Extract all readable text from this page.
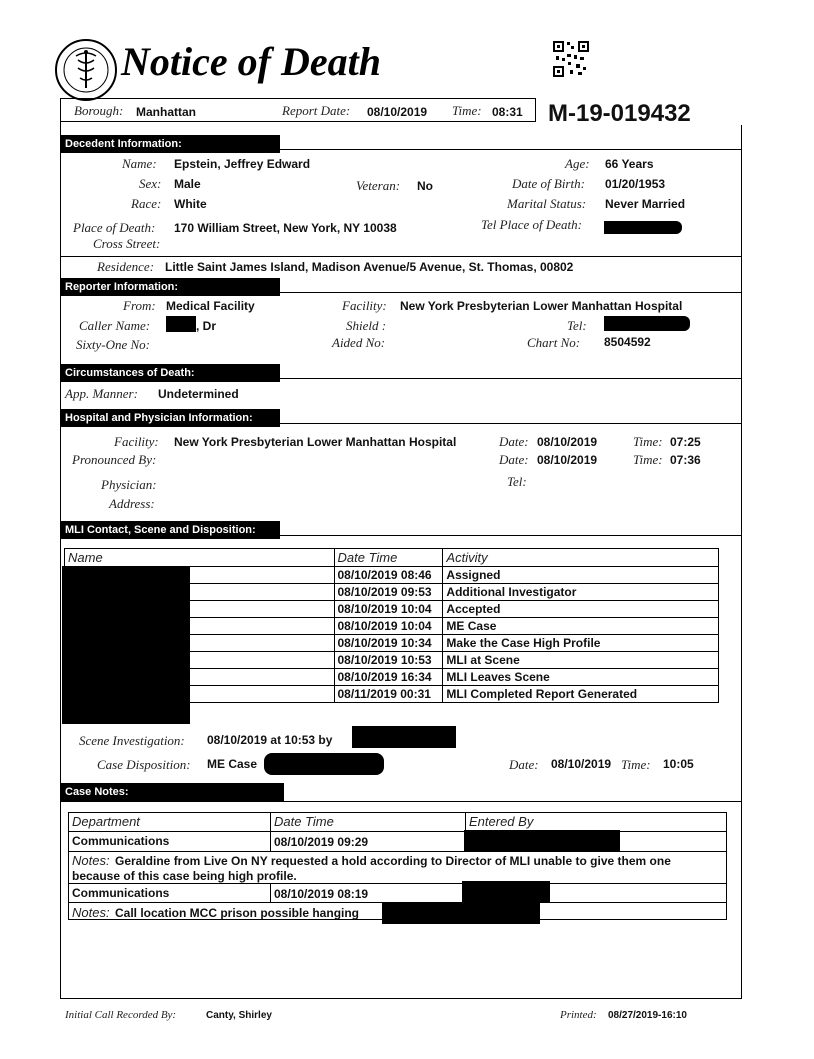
Notice of Death
Borough: Manhattan	Report Date: 08/10/2019 Time: 08:31 M-19-019432
Decedent Information:
Name: Epstein, Jeffrey Edward
Sex: Male	Veteran: No
Race: White
Place of Death: 170 William Street, New York, NY 10038
Cross Street:
Age: 66 Years
Date of Birth: 01/20/1953
Marital Status: Never Married
Tel Place of Death:
Residence: Little Saint James Island, Madison Avenue/5 Avenue, St. Thomas, 00802
Reporter Information:
From: Medical Facility
Caller Name:	, Dr
Sixty-One No:
Facility: New York Presbyterian Lower Manhattan Hospital
Shield :
Aided No:
Tel:
Chart No: 8504592
Circumstances of Death:
App. Manner: Undetermined
Hospital and Physician Information:
Facility: New York Presbyterian Lower Manhattan Hospital
Pronounced By:
Physician:
Address:
Date: 08/10/2019	Time: 07:25
Date: 08/10/2019	Time: 07:36
Tel:
MLI Contact, Scene and Disposition:
Name	Date Time	Activity
	08/10/2019 08:46	Assigned
	08/10/2019 09:53	Additional Investigator
	08/10/2019 10:04	Accepted
	08/10/2019 10:04	ME Case
	08/10/2019 10:34	Make the Case High Profile
	08/10/2019 10:53	MLI at Scene
	08/10/2019 16:34	MLI Leaves Scene
	08/11/2019 00:31	MLI Completed Report Generated
Scene Investigation: 08/10/2019 at 10:53 by
Case Disposition: ME Case	Date: 08/10/2019 Time: 10:05
Case Notes:
Department	Date Time	Entered By
Communications	08/10/2019 09:29
Notes: Geraldine from Live On NY requested a hold according to Director of MLI unable to give them one
because of this case being high profile.
Communications	08/10/2019 08:19
Notes: Call location MCC prison possible hanging
Initial Call Recorded By:	Canty, Shirley	Printed: 08/27/2019-16:10
